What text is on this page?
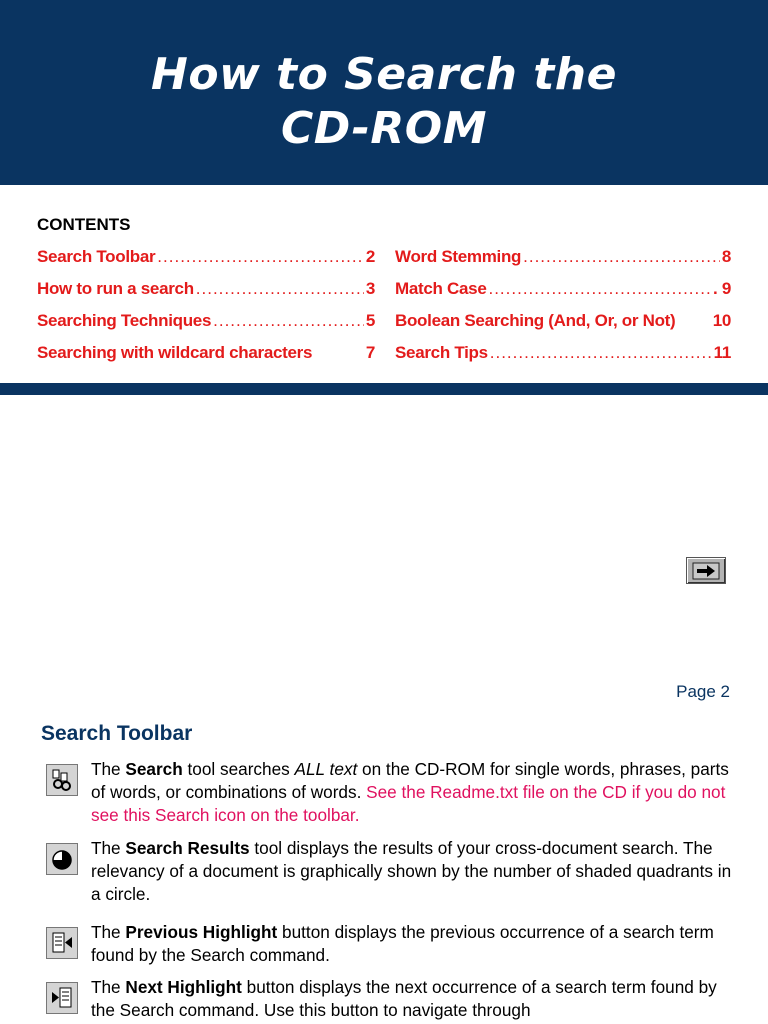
How to Search the
CD-ROM
CONTENTS
Search Toolbar .....	2
How to run a search .....	3
Searching Techniques .....	5
Searching with wildcard characters	7
Word Stemming .....	8
Match Case .....	. 9
Boolean Searching (And, Or, or Not) 10
Search Tips .....	11
Page 2
Search Toolbar
The Search tool searches ALL text on the CD-ROM for single words, phrases, parts of words, or combinations of words. See the Readme.txt file on the CD if you do not see this Search icon on the toolbar.
The Search Results tool displays the results of your cross-document search. The relevancy of a document is graphically shown by the number of shaded quadrants in a circle.
The Previous Highlight button displays the previous occurrence of a search term found by the Search command.
The Next Highlight button displays the next occurrence of a search term found by the Search command. Use this button to navigate through
